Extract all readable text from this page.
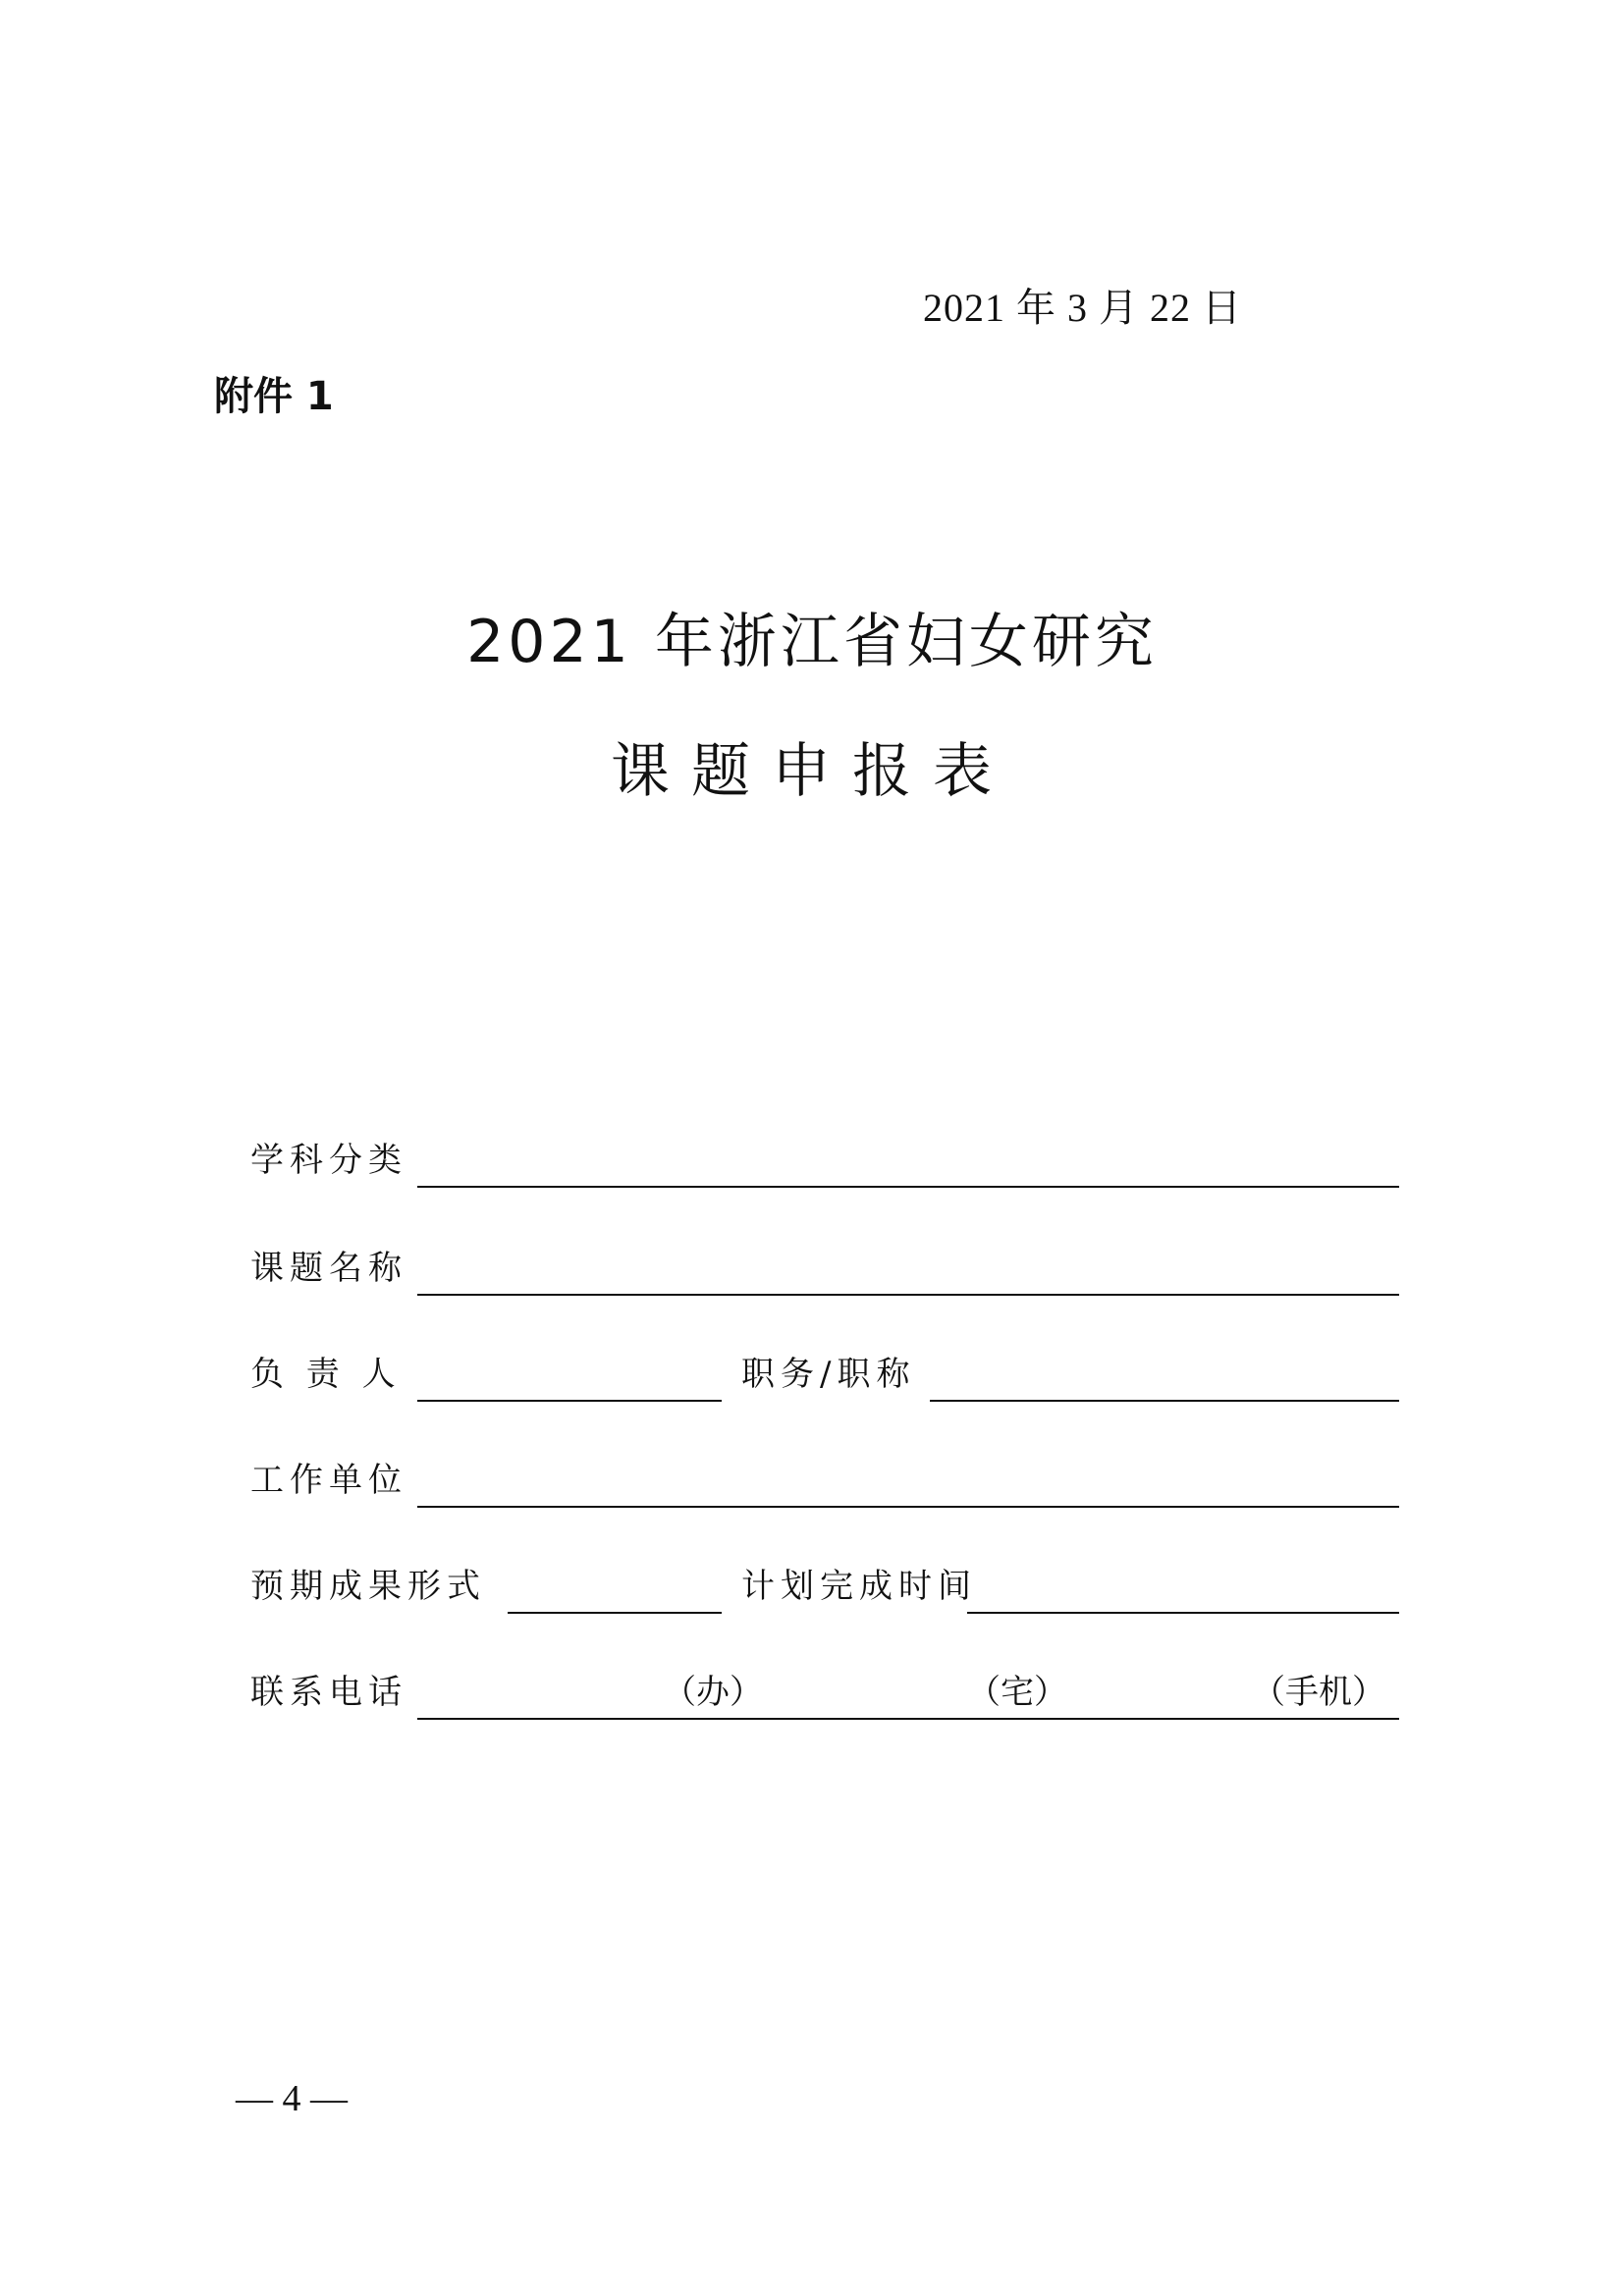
2021 年 3 月 22 日
附件 1
2021 年浙江省妇女研究
课题申报表
学科分类
课题名称
负 责 人	职务/职称
工作单位
预期成果形式	计划完成时间
联系电话	（办）	（宅）	（手机）
— 4 —
